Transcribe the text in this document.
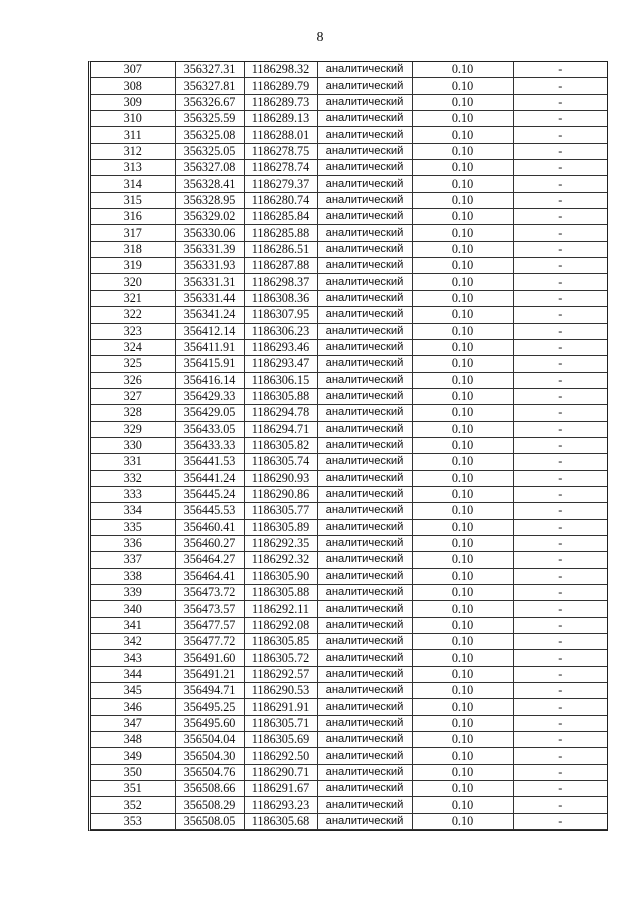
8
307	356327.31	1186298.32	аналитический	0.10	-
308	356327.81	1186289.79	аналитический	0.10	-
309	356326.67	1186289.73	аналитический	0.10	-
310	356325.59	1186289.13	аналитический	0.10	-
311	356325.08	1186288.01	аналитический	0.10	-
312	356325.05	1186278.75	аналитический	0.10	-
313	356327.08	1186278.74	аналитический	0.10	-
314	356328.41	1186279.37	аналитический	0.10	-
315	356328.95	1186280.74	аналитический	0.10	-
316	356329.02	1186285.84	аналитический	0.10	-
317	356330.06	1186285.88	аналитический	0.10	-
318	356331.39	1186286.51	аналитический	0.10	-
319	356331.93	1186287.88	аналитический	0.10	-
320	356331.31	1186298.37	аналитический	0.10	-
321	356331.44	1186308.36	аналитический	0.10	-
322	356341.24	1186307.95	аналитический	0.10	-
323	356412.14	1186306.23	аналитический	0.10	-
324	356411.91	1186293.46	аналитический	0.10	-
325	356415.91	1186293.47	аналитический	0.10	-
326	356416.14	1186306.15	аналитический	0.10	-
327	356429.33	1186305.88	аналитический	0.10	-
328	356429.05	1186294.78	аналитический	0.10	-
329	356433.05	1186294.71	аналитический	0.10	-
330	356433.33	1186305.82	аналитический	0.10	-
331	356441.53	1186305.74	аналитический	0.10	-
332	356441.24	1186290.93	аналитический	0.10	-
333	356445.24	1186290.86	аналитический	0.10	-
334	356445.53	1186305.77	аналитический	0.10	-
335	356460.41	1186305.89	аналитический	0.10	-
336	356460.27	1186292.35	аналитический	0.10	-
337	356464.27	1186292.32	аналитический	0.10	-
338	356464.41	1186305.90	аналитический	0.10	-
339	356473.72	1186305.88	аналитический	0.10	-
340	356473.57	1186292.11	аналитический	0.10	-
341	356477.57	1186292.08	аналитический	0.10	-
342	356477.72	1186305.85	аналитический	0.10	-
343	356491.60	1186305.72	аналитический	0.10	-
344	356491.21	1186292.57	аналитический	0.10	-
345	356494.71	1186290.53	аналитический	0.10	-
346	356495.25	1186291.91	аналитический	0.10	-
347	356495.60	1186305.71	аналитический	0.10	-
348	356504.04	1186305.69	аналитический	0.10	-
349	356504.30	1186292.50	аналитический	0.10	-
350	356504.76	1186290.71	аналитический	0.10	-
351	356508.66	1186291.67	аналитический	0.10	-
352	356508.29	1186293.23	аналитический	0.10	-
353	356508.05	1186305.68	аналитический	0.10	-
